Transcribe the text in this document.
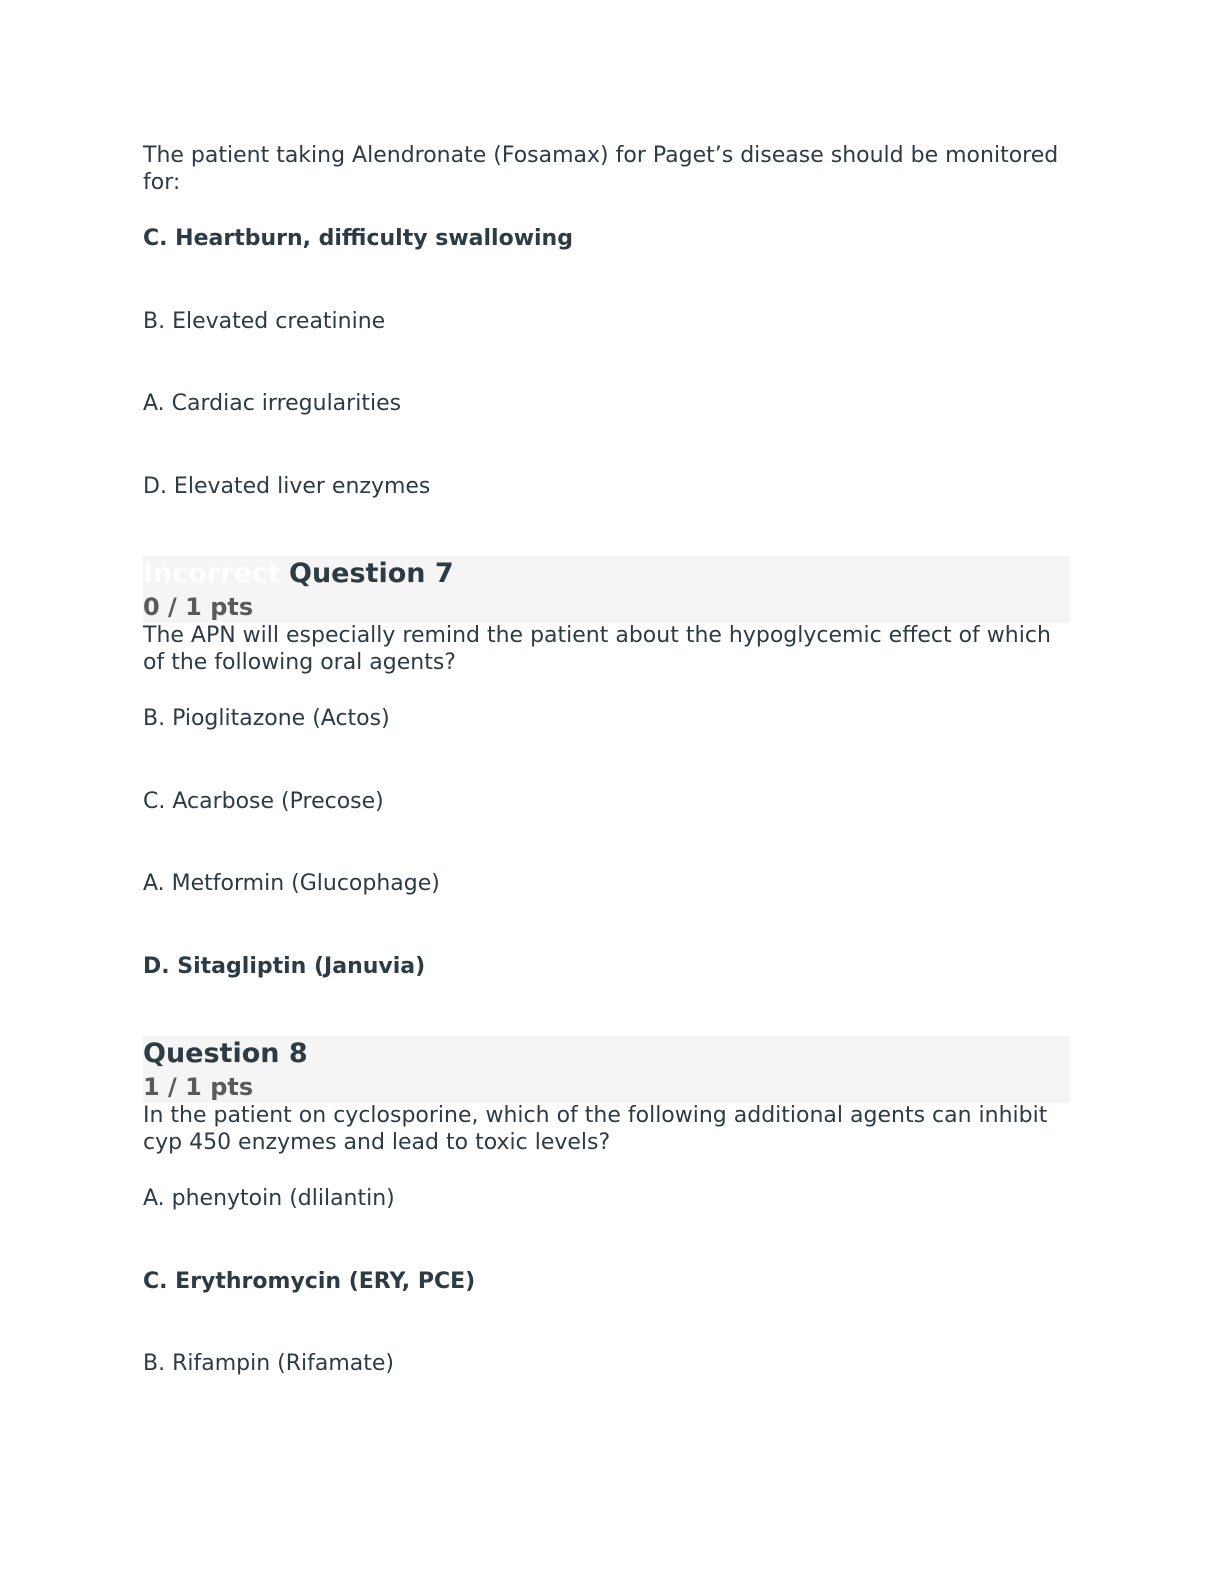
The patient taking Alendronate (Fosamax) for Paget’s disease should be monitored for:

C. Heartburn, difficulty swallowing
B. Elevated creatinine
A. Cardiac irregularities
D. Elevated liver enzymes
Incorrect Question 7
0 / 1 pts

The APN will especially remind the patient about the hypoglycemic effect of which of the following oral agents?

B. Pioglitazone (Actos)
C. Acarbose (Precose)
A. Metformin (Glucophage)
D. Sitagliptin (Januvia)
Question 8
1 / 1 pts

In the patient on cyclosporine, which of the following additional agents can inhibit cyp 450 enzymes and lead to toxic levels?

A. phenytoin (dlilantin)
C. Erythromycin (ERY, PCE)
B. Rifampin (Rifamate)
